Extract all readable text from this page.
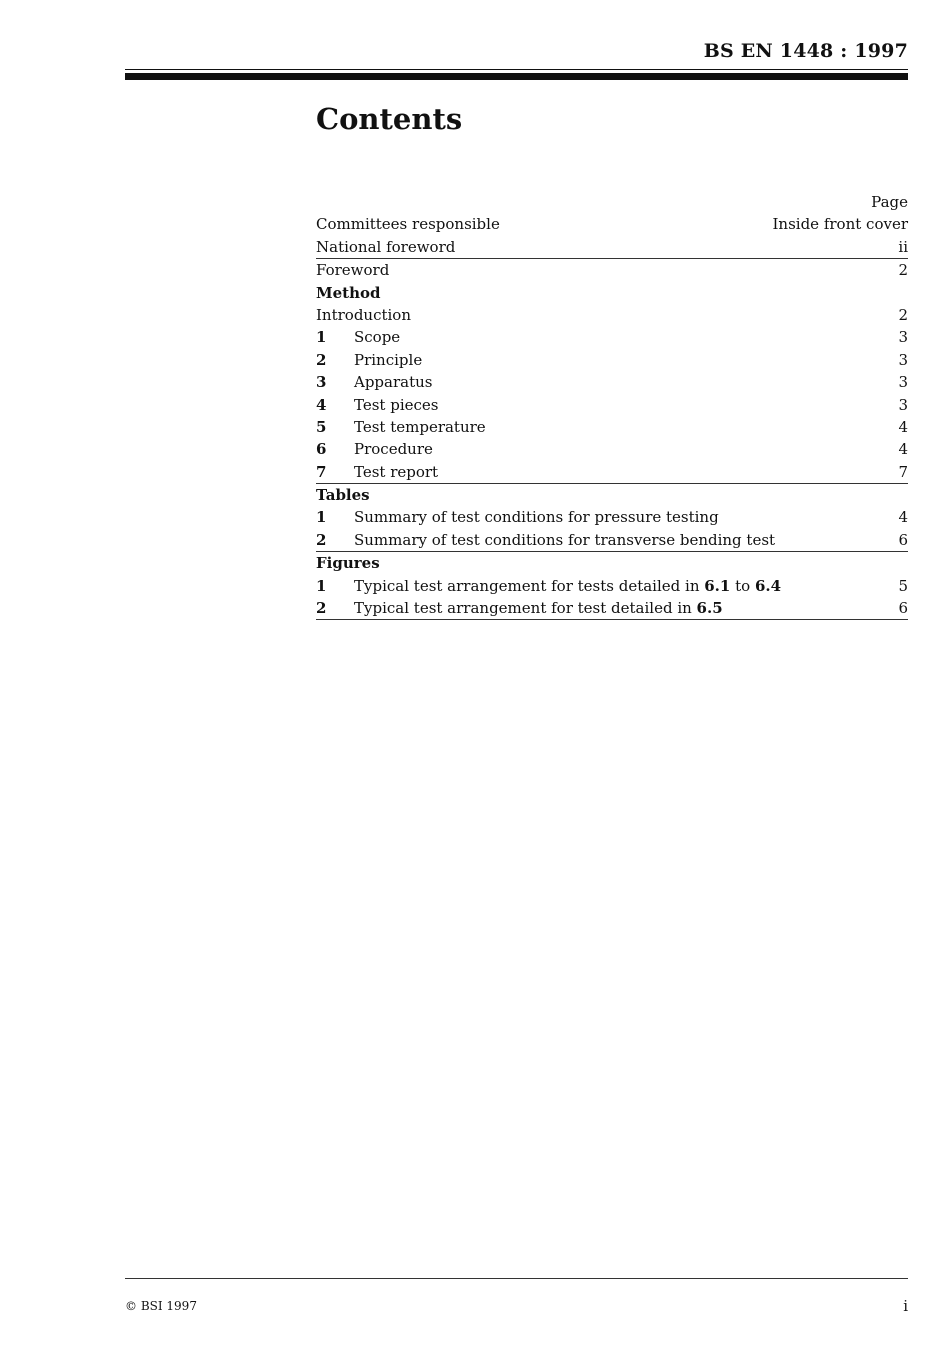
BS EN 1448 : 1997
Contents
Page
Committees responsible	Inside front cover
National foreword	ii
Foreword	2
Method
Introduction	2
1 Scope	3
2 Principle	3
3 Apparatus	3
4 Test pieces	3
5 Test temperature	4
6 Procedure	4
7 Test report	7
Tables
1 Summary of test conditions for pressure testing	4
2 Summary of test conditions for transverse bending test	6
Figures
1 Typical test arrangement for tests detailed in 6.1 to 6.4	5
2 Typical test arrangement for test detailed in 6.5	6
© BSI 1997	i
